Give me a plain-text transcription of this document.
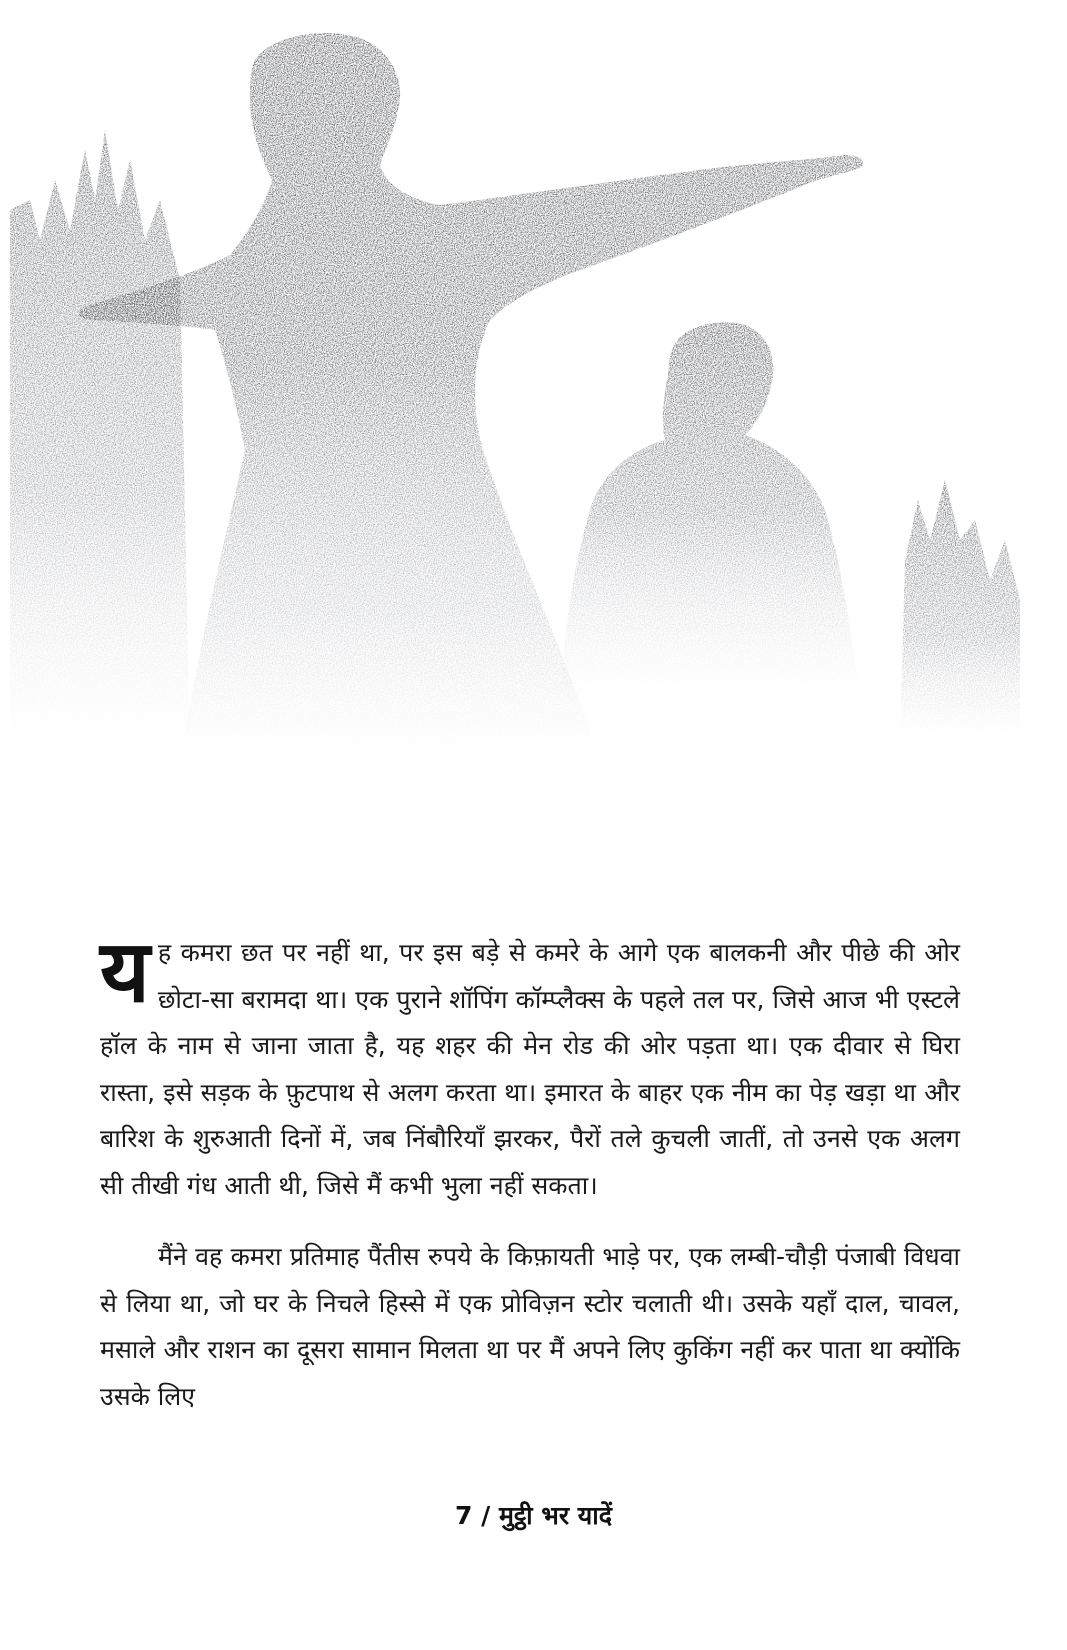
य ह कमरा छत पर नहीं था, पर इस बड़े से कमरे के आगे एक बालकनी और पीछे की ओर छोटा-सा बरामदा था। एक पुराने शॉपिंग कॉम्प्लैक्स के पहले तल पर, जिसे आज भी एस्टले हॉल के नाम से जाना जाता है, यह शहर की मेन रोड की ओर पड़ता था। एक दीवार से घिरा रास्ता, इसे सड़क के फ़ुटपाथ से अलग करता था। इमारत के बाहर एक नीम का पेड़ खड़ा था और बारिश के शुरुआती दिनों में, जब निंबौरियाँ झरकर, पैरों तले कुचली जातीं, तो उनसे एक अलग सी तीखी गंध आती थी, जिसे मैं कभी भुला नहीं सकता।

मैंने वह कमरा प्रतिमाह पैंतीस रुपये के किफ़ायती भाड़े पर, एक लम्बी-चौड़ी पंजाबी विधवा से लिया था, जो घर के निचले हिस्से में एक प्रोविज़न स्टोर चलाती थी। उसके यहाँ दाल, चावल, मसाले और राशन का दूसरा सामान मिलता था पर मैं अपने लिए कुकिंग नहीं कर पाता था क्योंकि उसके लिए

7 / मुट्ठी भर यादें
